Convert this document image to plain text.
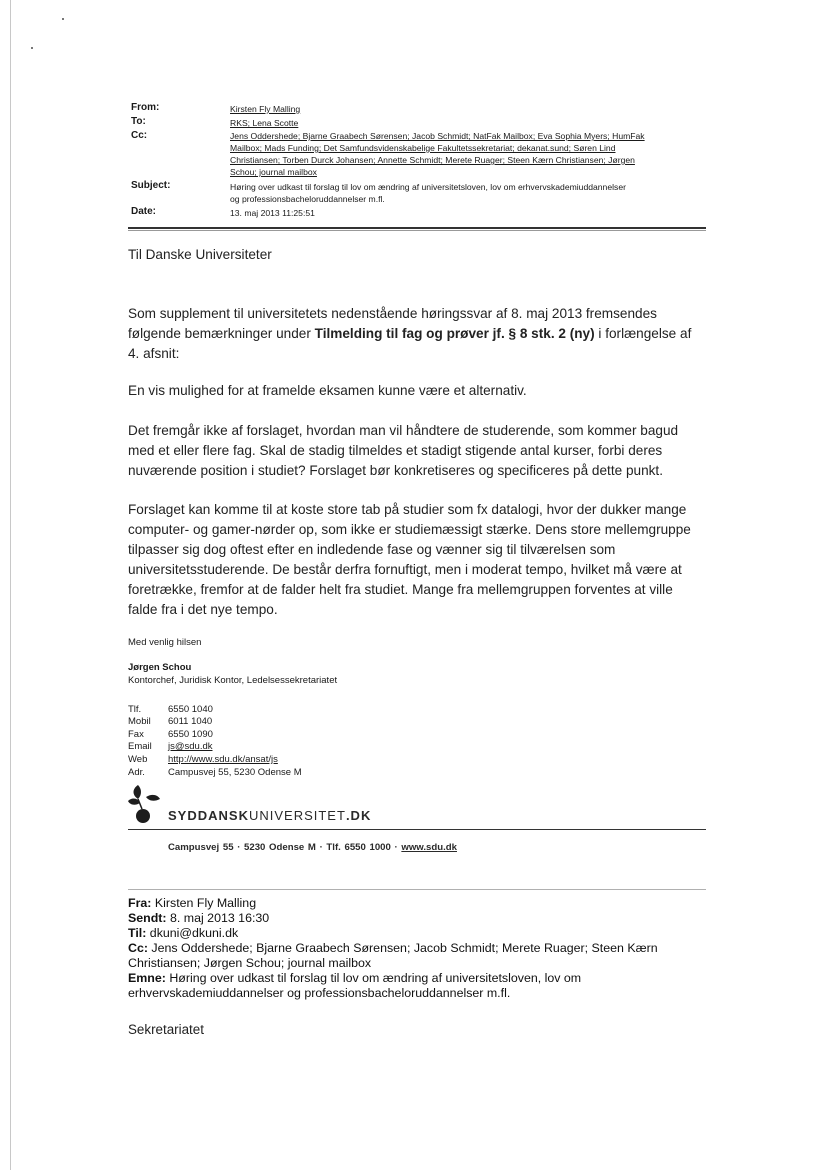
From:	Kirsten Fly Malling
To:	RKS; Lena Scotte
Cc:	Jens Oddershede; Bjarne Graabech Sørensen; Jacob Schmidt; NatFak Mailbox; Eva Sophia Myers; HumFak
Mailbox; Mads Funding; Det Samfundsvidenskabelige Fakultetssekretariat; dekanat.sund; Søren Lind
Christiansen; Torben Durck Johansen; Annette Schmidt; Merete Ruager; Steen Kærn Christiansen; Jørgen
Schou; journal mailbox
Subject:	Høring over udkast til forslag til lov om ændring af universitetsloven, lov om erhvervskademiuddannelser
og professionsbacheloruddannelser m.fl.
Date:	13. maj 2013 11:25:51
Til Danske Universiteter
Som supplement til universitetets nedenstående høringssvar af 8. maj 2013 fremsendes følgende bemærkninger under Tilmelding til fag og prøver jf. § 8 stk. 2 (ny) i forlængelse af 4. afsnit:
En vis mulighed for at framelde eksamen kunne være et alternativ.
Det fremgår ikke af forslaget, hvordan man vil håndtere de studerende, som kommer bagud med et eller flere fag. Skal de stadig tilmeldes et stadigt stigende antal kurser, forbi deres nuværende position i studiet? Forslaget bør konkretiseres og specificeres på dette punkt.
Forslaget kan komme til at koste store tab på studier som fx datalogi, hvor der dukker mange computer- og gamer-nørder op, som ikke er studiemæssigt stærke. Dens store mellemgruppe tilpasser sig dog oftest efter en indledende fase og vænner sig til tilværelsen som universitetsstuderende. De består derfra fornuftigt, men i moderat tempo, hvilket må være at foretrække, fremfor at de falder helt fra studiet. Mange fra mellemgruppen forventes at ville falde fra i det nye tempo.
Med venlig hilsen
Jørgen Schou
Kontorchef, Juridisk Kontor, Ledelsessekretariatet
Tlf.	6550 1040
Mobil 6011 1040
Fax	6550 1090
Email js@sdu.dk
Web http://www.sdu.dk/ansat/js
Adr. Campusvej 55, 5230 Odense M
SYDDANSKUNIVERSITET.DK
Campusvej 55 · 5230 Odense M · Tlf. 6550 1000 · www.sdu.dk
Fra: Kirsten Fly Malling
Sendt: 8. maj 2013 16:30
Til: dkuni@dkuni.dk
Cc: Jens Oddershede; Bjarne Graabech Sørensen; Jacob Schmidt; Merete Ruager; Steen Kærn Christiansen; Jørgen Schou; journal mailbox
Emne: Høring over udkast til forslag til lov om ændring af universitetsloven, lov om erhvervskademiuddannelser og professionsbacheloruddannelser m.fl.
Sekretariatet
